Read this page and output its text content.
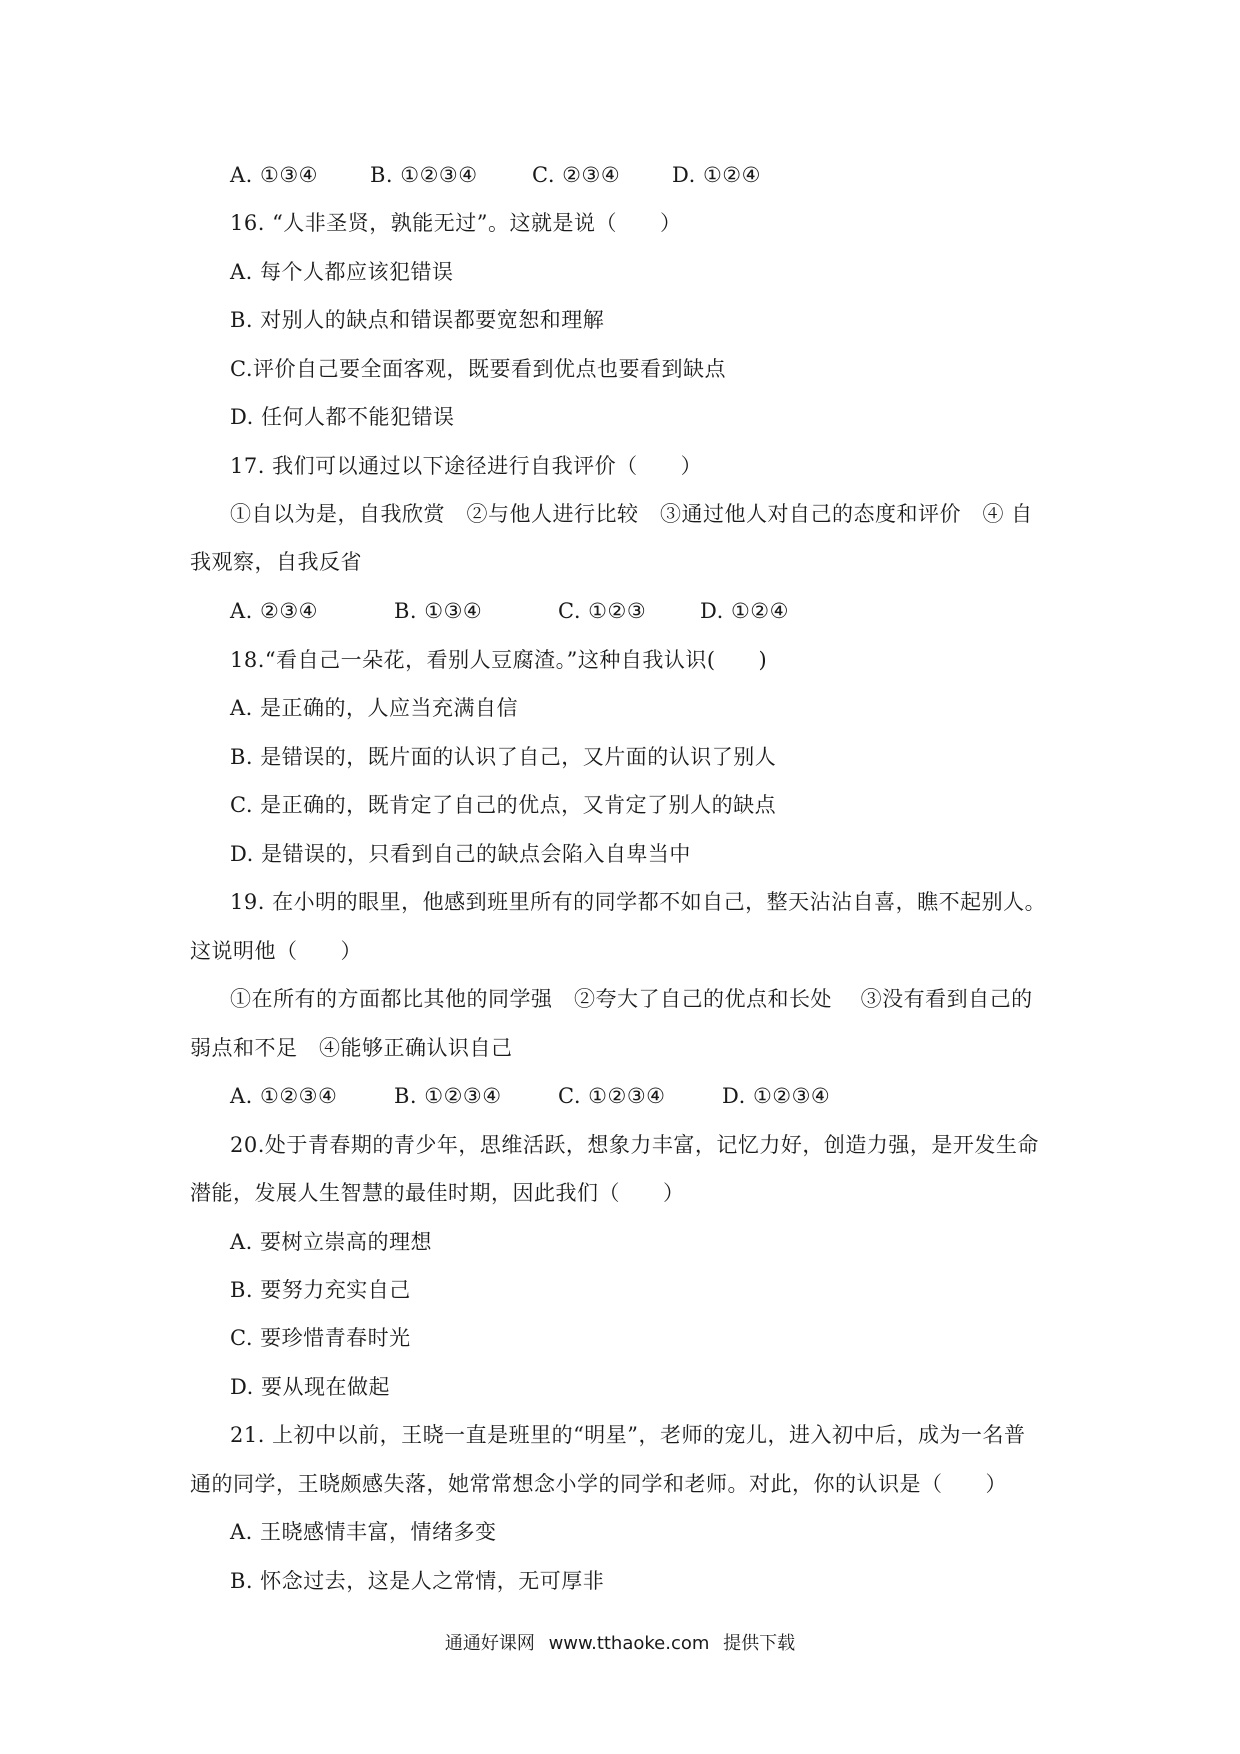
A. ①③④ B. ①②③④	C. ②③④ D. ①②④
16. “人非圣贤，孰能无过”。这就是说（　　）
A. 每个人都应该犯错误
B. 对别人的缺点和错误都要宽恕和理解
C.评价自己要全面客观，既要看到优点也要看到缺点
D. 任何人都不能犯错误
17. 我们可以通过以下途径进行自我评价（　　）
①自以为是，自我欣赏　②与他人进行比较　③通过他人对自己的态度和评价　④ 自
我观察，自我反省
A. ②③④	B. ①③④	C. ①②③	D. ①②④
18.“看自己一朵花，看别人豆腐渣。”这种自我认识(　　)
A. 是正确的，人应当充满自信
B. 是错误的，既片面的认识了自己，又片面的认识了别人
C. 是正确的，既肯定了自己的优点，又肯定了别人的缺点
D. 是错误的，只看到自己的缺点会陷入自卑当中
19. 在小明的眼里，他感到班里所有的同学都不如自己，整天沾沾自喜，瞧不起别人。
这说明他（　　）
①在所有的方面都比其他的同学强　②夸大了自己的优点和长处　 ③没有看到自己的
弱点和不足　④能够正确认识自己
A. ①②③④	B. ①②③④	C. ①②③④	D. ①②③④
20.处于青春期的青少年，思维活跃，想象力丰富，记忆力好，创造力强，是开发生命
潜能，发展人生智慧的最佳时期，因此我们（　　）
A. 要树立崇高的理想
B. 要努力充实自己
C. 要珍惜青春时光
D. 要从现在做起
21. 上初中以前，王晓一直是班里的“明星”，老师的宠儿，进入初中后，成为一名普
通的同学，王晓颇感失落，她常常想念小学的同学和老师。对此，你的认识是（　　）
A. 王晓感情丰富，情绪多变
B. 怀念过去，这是人之常情，无可厚非
通通好课网 www.tthaoke.com 提供下载
